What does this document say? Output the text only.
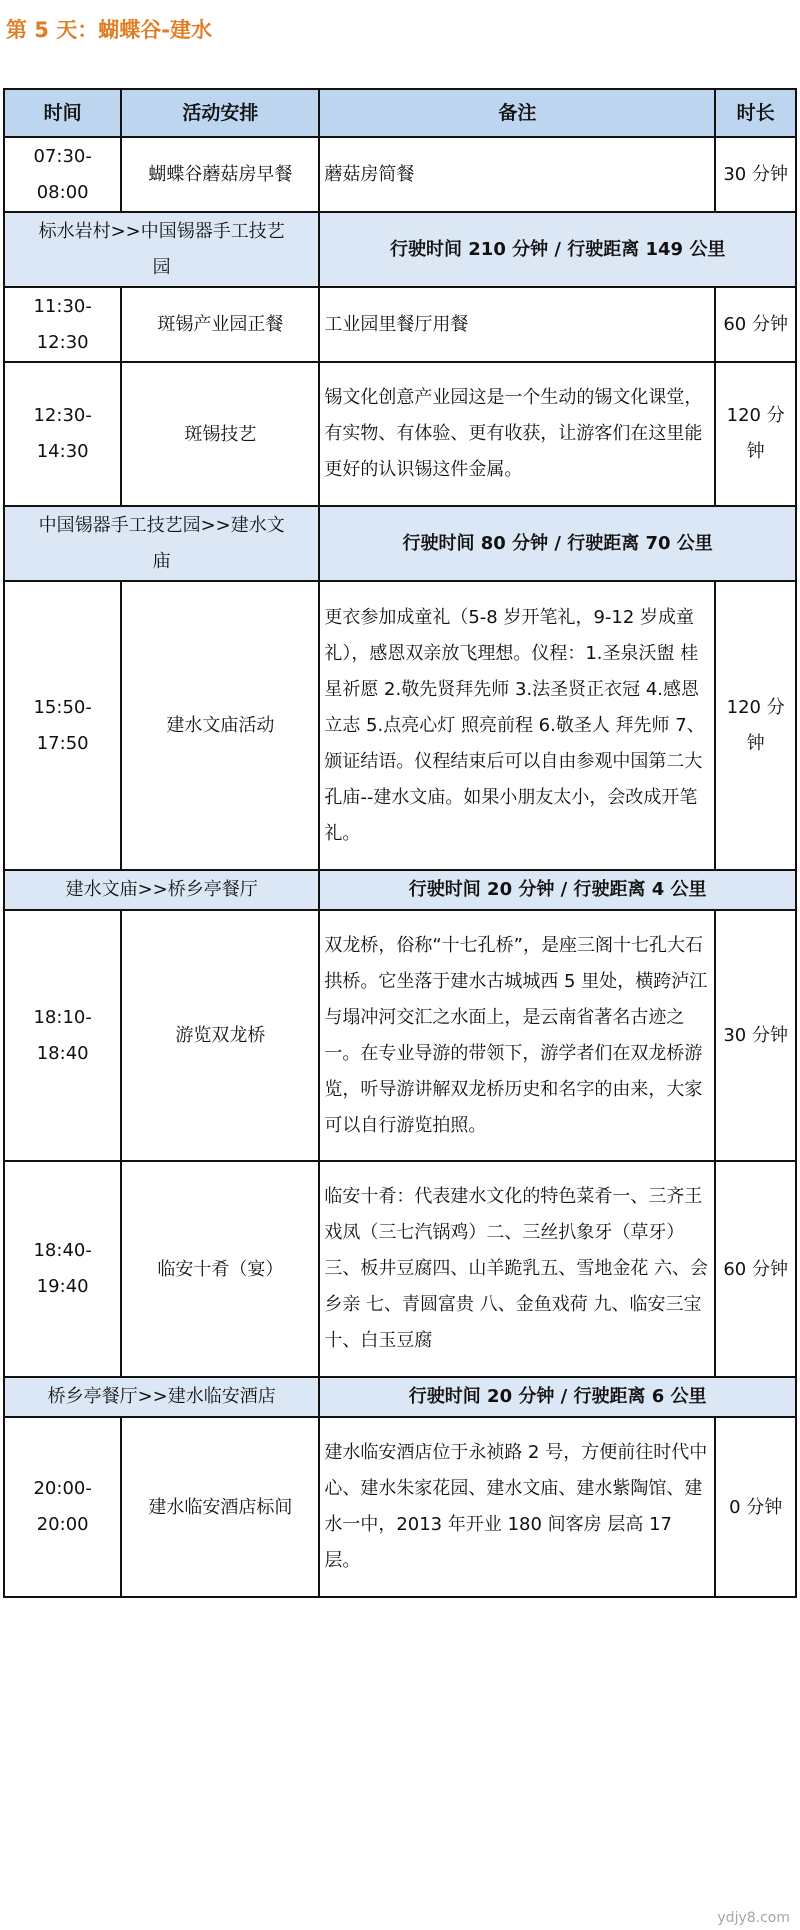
第 5 天：蝴蝶谷-建水
时间	活动安排	备注	时长
07:30-
08:00	蝴蝶谷蘑菇房早餐	蘑菇房简餐	30 分钟
标水岩村>>中国锡器手工技艺
园		行驶时间 210 分钟 / 行驶距离 149 公里	
11:30-
12:30	斑锡产业园正餐	工业园里餐厅用餐	60 分钟
12:30-
14:30	斑锡技艺	锡文化创意产业园这是一个生动的锡文化课堂，有实物、有体验、更有收获，让游客们在这里能更好的认识锡这件金属。	120 分
钟
中国锡器手工技艺园>>建水文
庙		行驶时间 80 分钟 / 行驶距离 70 公里	
15:50-
17:50	建水文庙活动	更衣参加成童礼（5-8 岁开笔礼，9-12 岁成童礼），感恩双亲放飞理想。仪程：1.圣泉沃盥 桂星祈愿 2.敬先贤拜先师 3.法圣贤正衣冠 4.感恩立志 5.点亮心灯 照亮前程 6.敬圣人 拜先师 7、颁证结语。仪程结束后可以自由参观中国第二大孔庙--建水文庙。如果小朋友太小，会改成开笔礼。	120 分
钟
建水文庙>>桥乡亭餐厅		行驶时间 20 分钟 / 行驶距离 4 公里	
18:10-
18:40	游览双龙桥	双龙桥，俗称“十七孔桥”，是座三阁十七孔大石拱桥。它坐落于建水古城城西 5 里处，横跨泸江与塌冲河交汇之水面上，是云南省著名古迹之一。在专业导游的带领下，游学者们在双龙桥游览，听导游讲解双龙桥历史和名字的由来，大家可以自行游览拍照。	30 分钟
18:40-
19:40	临安十肴（宴）	临安十肴：代表建水文化的特色菜肴一、三齐王戏凤（三七汽锅鸡）二、三丝扒象牙（草牙）三、板井豆腐四、山羊跪乳五、雪地金花 六、会乡亲 七、青圆富贵 八、金鱼戏荷 九、临安三宝 十、白玉豆腐	60 分钟
桥乡亭餐厅>>建水临安酒店		行驶时间 20 分钟 / 行驶距离 6 公里	
20:00-
20:00	建水临安酒店标间	建水临安酒店位于永祯路 2 号，方便前往时代中心、建水朱家花园、建水文庙、建水紫陶馆、建水一中，2013 年开业 180 间客房 层高 17 层。	0 分钟
ydjy8.com
